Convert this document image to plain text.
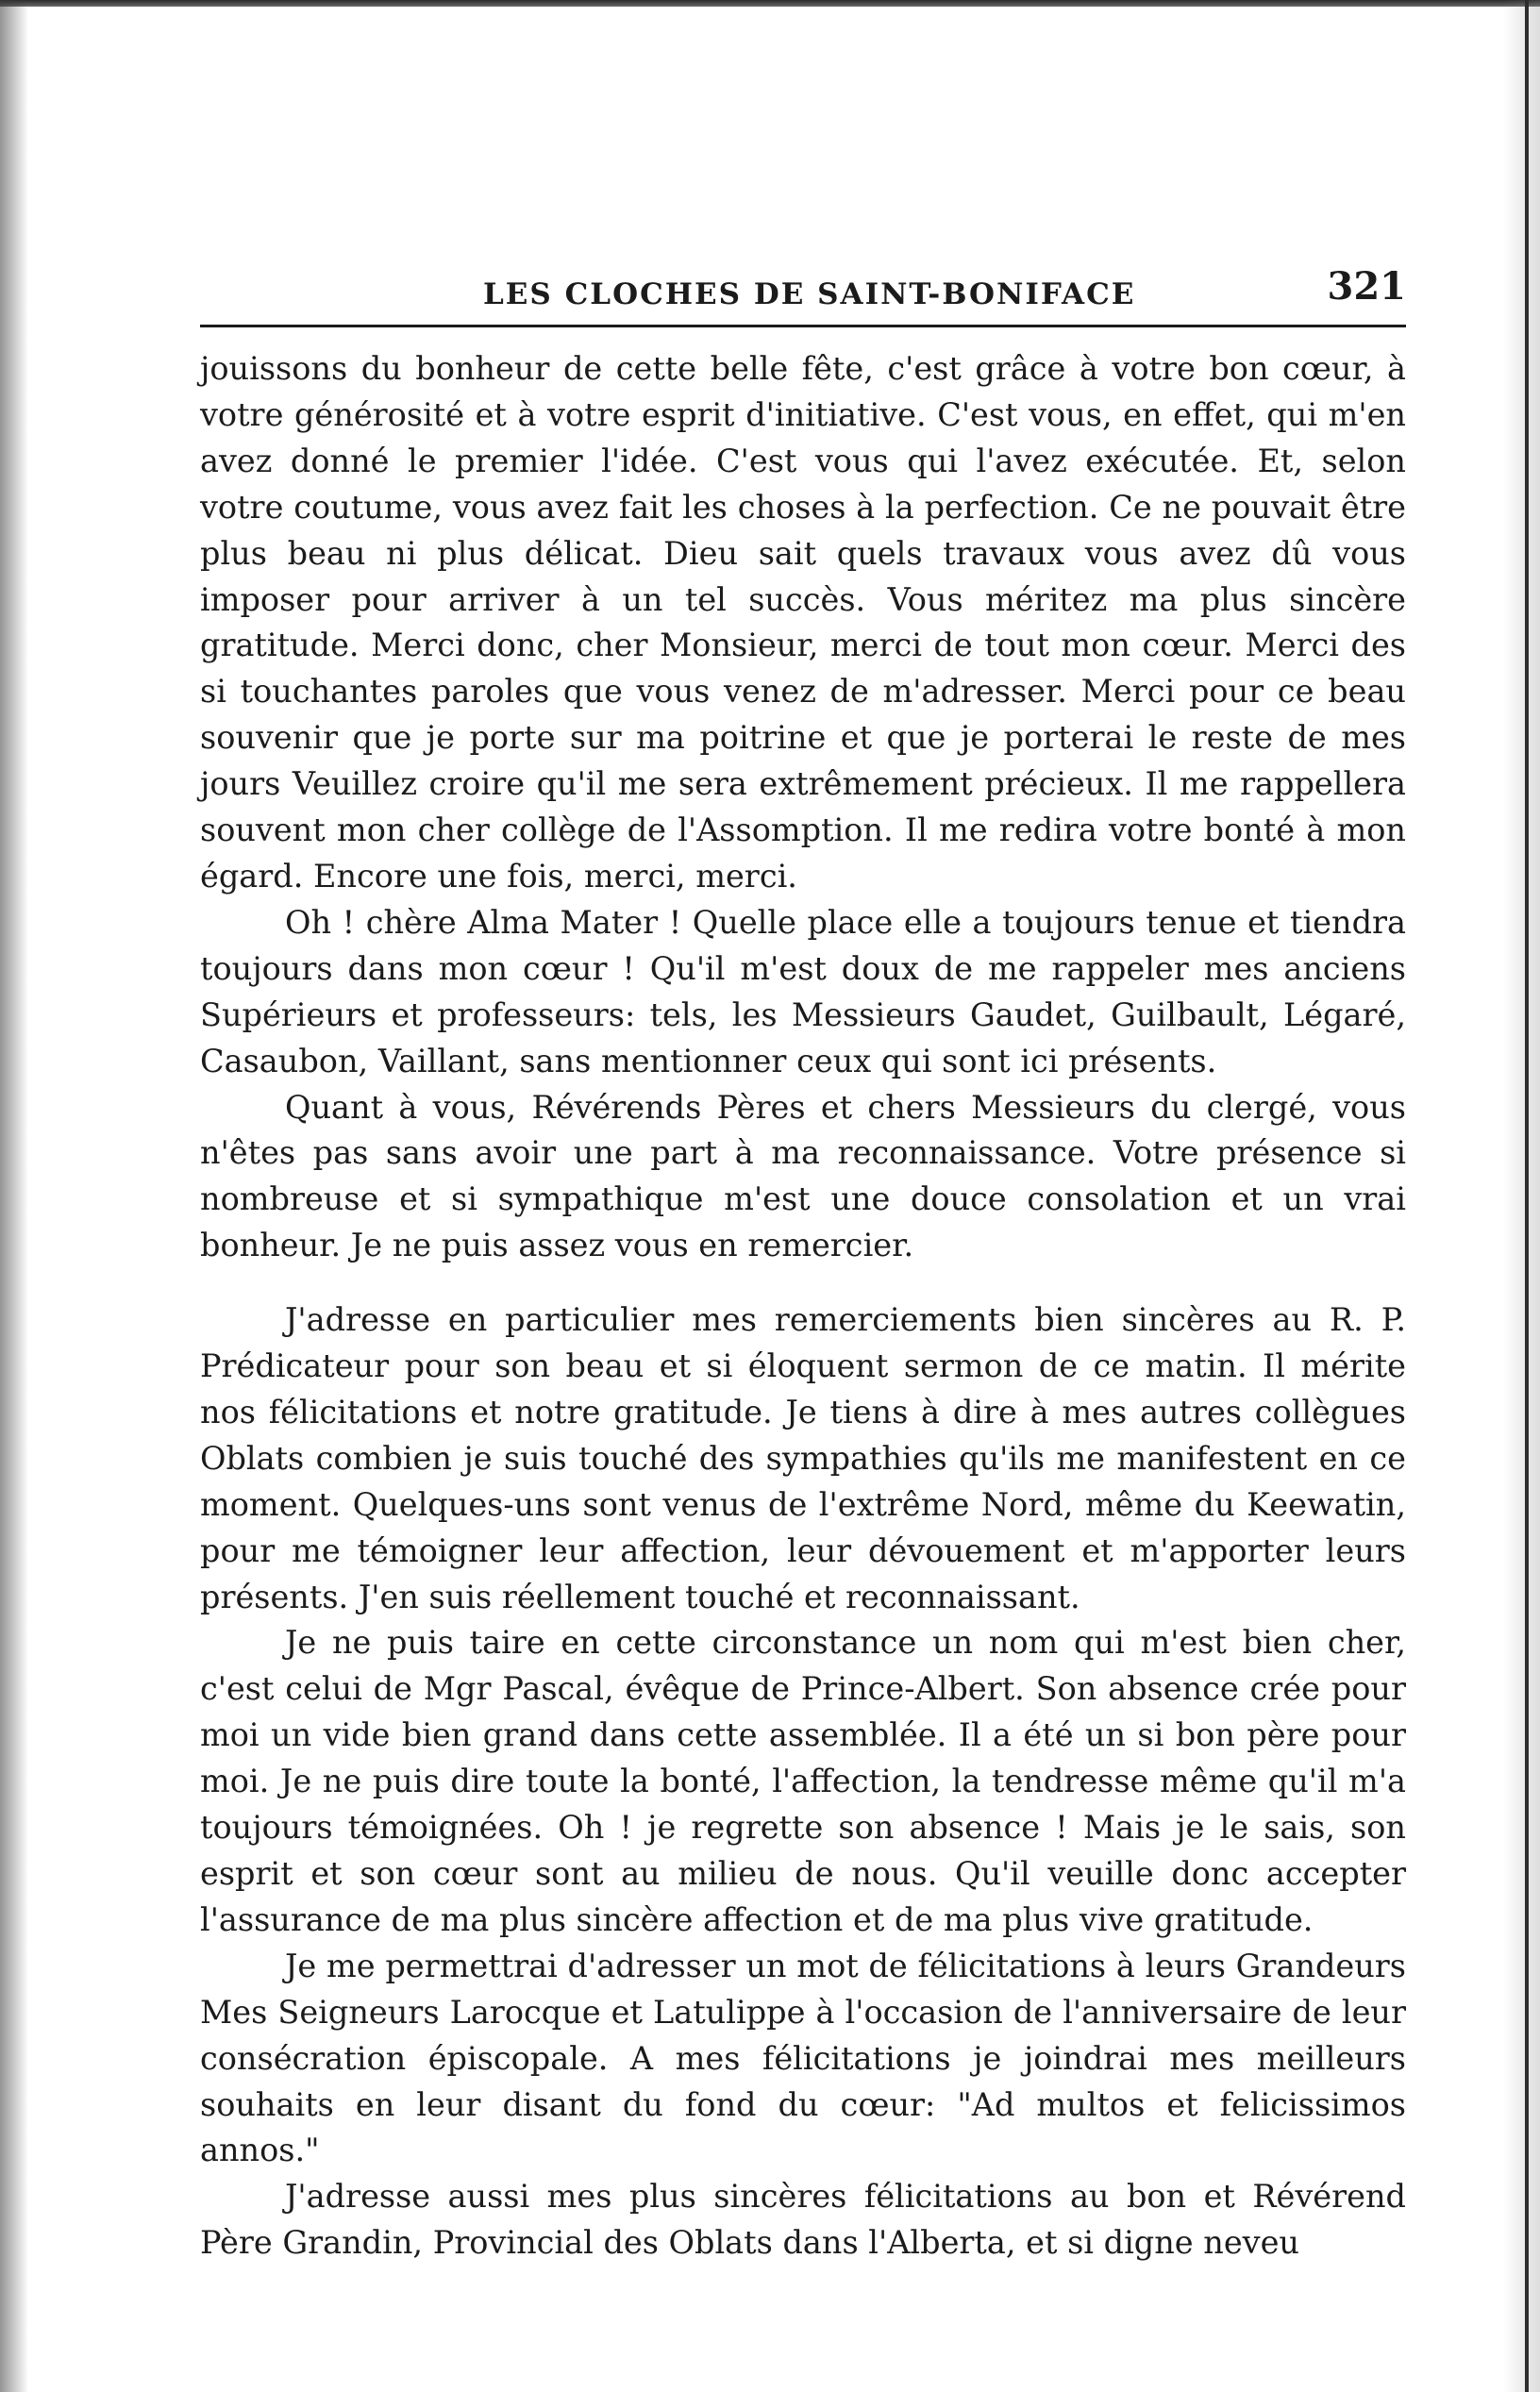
LES CLOCHES DE SAINT-BONIFACE	321

jouissons du bonheur de cette belle fête, c'est grâce à votre bon cœur, à votre générosité et à votre esprit d'initiative. C'est vous, en effet, qui m'en avez donné le premier l'idée. C'est vous qui l'avez exécutée. Et, selon votre coutume, vous avez fait les choses à la perfection. Ce ne pouvait être plus beau ni plus délicat. Dieu sait quels travaux vous avez dû vous imposer pour arriver à un tel succès. Vous méritez ma plus sincère gratitude. Merci donc, cher Monsieur, merci de tout mon cœur. Merci des si touchantes paroles que vous venez de m'adresser. Merci pour ce beau souvenir que je porte sur ma poitrine et que je porterai le reste de mes jours Veuillez croire qu'il me sera extrêmement précieux. Il me rappellera souvent mon cher collège de l'Assomption. Il me redira votre bonté à mon égard. Encore une fois, merci, merci.

Oh ! chère Alma Mater ! Quelle place elle a toujours tenue et tiendra toujours dans mon cœur ! Qu'il m'est doux de me rappeler mes anciens Supérieurs et professeurs: tels, les Messieurs Gaudet, Guilbault, Légaré, Casaubon, Vaillant, sans mentionner ceux qui sont ici présents.

Quant à vous, Révérends Pères et chers Messieurs du clergé, vous n'êtes pas sans avoir une part à ma reconnaissance. Votre présence si nombreuse et si sympathique m'est une douce consolation et un vrai bonheur. Je ne puis assez vous en remercier.

J'adresse en particulier mes remerciements bien sincères au R. P. Prédicateur pour son beau et si éloquent sermon de ce matin. Il mérite nos félicitations et notre gratitude. Je tiens à dire à mes autres collègues Oblats combien je suis touché des sympathies qu'ils me manifestent en ce moment. Quelques-uns sont venus de l'extrême Nord, même du Keewatin, pour me témoigner leur affection, leur dévouement et m'apporter leurs présents. J'en suis réellement touché et reconnaissant.

Je ne puis taire en cette circonstance un nom qui m'est bien cher, c'est celui de Mgr Pascal, évêque de Prince-Albert. Son absence crée pour moi un vide bien grand dans cette assemblée. Il a été un si bon père pour moi. Je ne puis dire toute la bonté, l'affection, la tendresse même qu'il m'a toujours témoignées. Oh ! je regrette son absence ! Mais je le sais, son esprit et son cœur sont au milieu de nous. Qu'il veuille donc accepter l'assurance de ma plus sincère affection et de ma plus vive gratitude.

Je me permettrai d'adresser un mot de félicitations à leurs Grandeurs Mes Seigneurs Larocque et Latulippe à l'occasion de l'anniversaire de leur consécration épiscopale. A mes félicitations je joindrai mes meilleurs souhaits en leur disant du fond du cœur: "Ad multos et felicissimos annos."

J'adresse aussi mes plus sincères félicitations au bon et Révérend Père Grandin, Provincial des Oblats dans l'Alberta, et si digne neveu
